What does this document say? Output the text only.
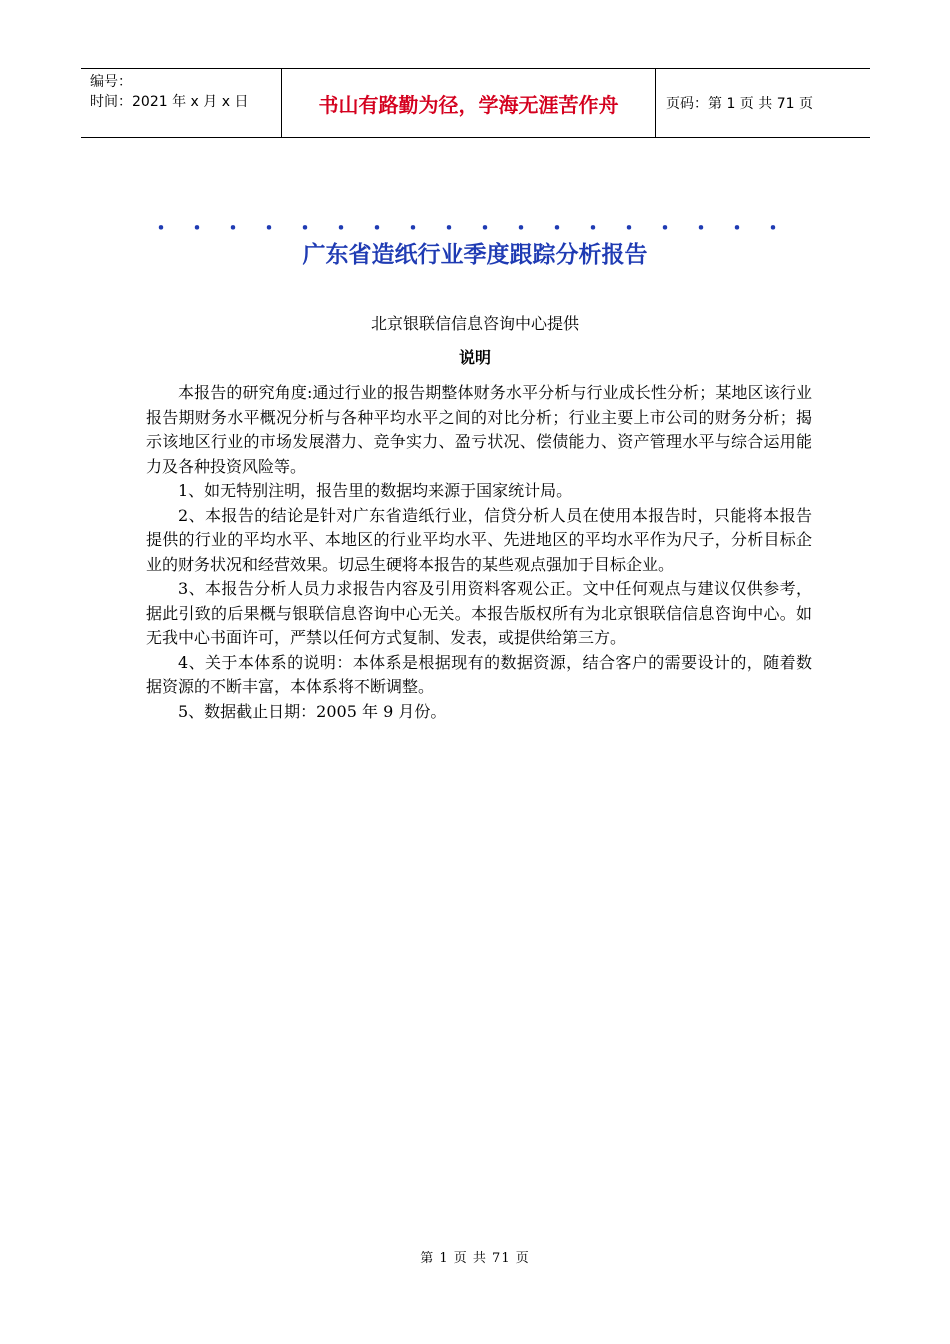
编号：
时间：2021 年 x 月 x 日	书山有路勤为径，学海无涯苦作舟	页码：第 1 页 共 71 页
・・・・・・・・・・・・・・・・・・
广东省造纸行业季度跟踪分析报告
北京银联信信息咨询中心提供
说明

本报告的研究角度:通过行业的报告期整体财务水平分析与行业成长性分析；某地区该行业报告期财务水平概况分析与各种平均水平之间的对比分析；行业主要上市公司的财务分析；揭示该地区行业的市场发展潜力、竞争实力、盈亏状况、偿债能力、资产管理水平与综合运用能力及各种投资风险等。

1、如无特别注明，报告里的数据均来源于国家统计局。

2、本报告的结论是针对广东省造纸行业，信贷分析人员在使用本报告时，只能将本报告提供的行业的平均水平、本地区的行业平均水平、先进地区的平均水平作为尺子，分析目标企业的财务状况和经营效果。切忌生硬将本报告的某些观点强加于目标企业。

3、本报告分析人员力求报告内容及引用资料客观公正。文中任何观点与建议仅供参考，据此引致的后果概与银联信息咨询中心无关。本报告版权所有为北京银联信信息咨询中心。如无我中心书面许可，严禁以任何方式复制、发表，或提供给第三方。

4、关于本体系的说明：本体系是根据现有的数据资源，结合客户的需要设计的，随着数据资源的不断丰富，本体系将不断调整。

5、数据截止日期：2005 年 9 月份。

第 1 页 共 71 页
